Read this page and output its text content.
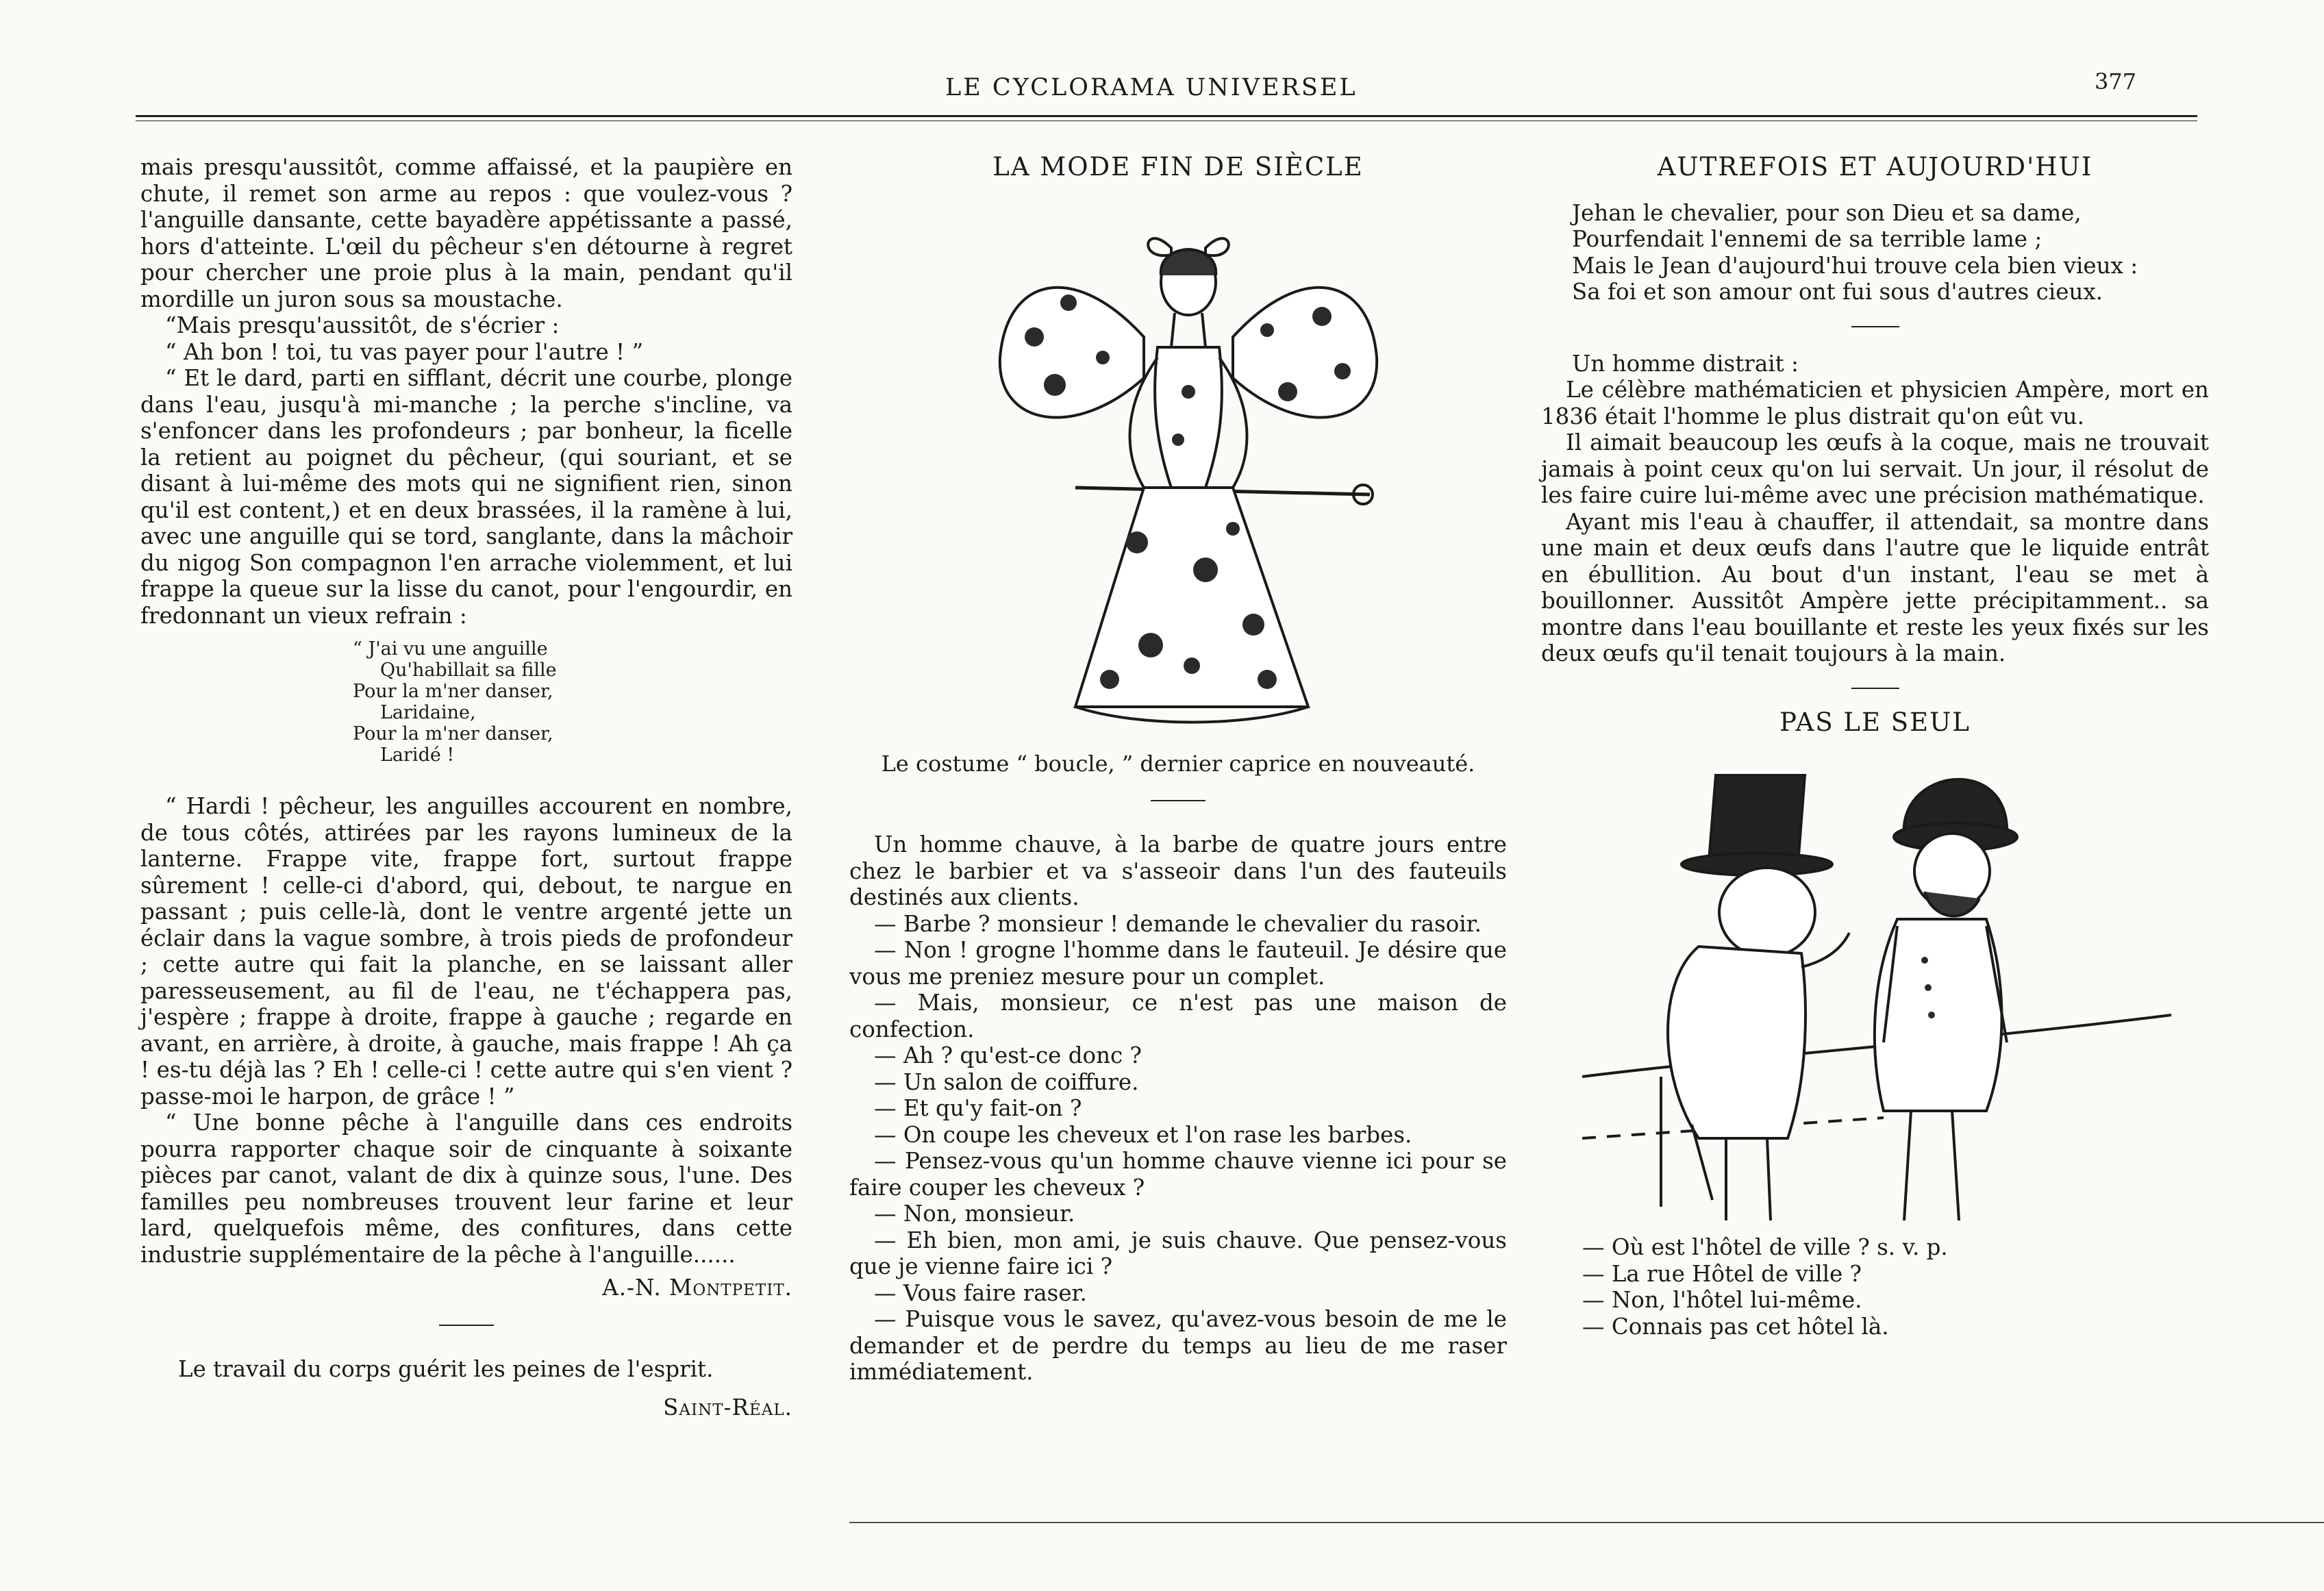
LE CYCLORAMA UNIVERSEL	377

mais presqu'aussitôt, comme affaissé, et la paupière en chute, il remet son arme au repos : que voulez-vous ? l'anguille dansante, cette bayadère appétissante a passé, hors d'atteinte. L'œil du pêcheur s'en détourne à regret pour chercher une proie plus à la main, pendant qu'il mordille un juron sous sa moustache.

“Mais presqu'aussitôt, de s'écrier :

“ Ah bon ! toi, tu vas payer pour l'autre ! ”

“ Et le dard, parti en sifflant, décrit une courbe, plonge dans l'eau, jusqu'à mi-manche ; la perche s'incline, va s'enfoncer dans les profondeurs ; par bonheur, la ficelle la retient au poignet du pêcheur, (qui souriant, et se disant à lui-même des mots qui ne signifient rien, sinon qu'il est content,) et en deux brassées, il la ramène à lui, avec une anguille qui se tord, sanglante, dans la mâchoir du nigog Son compagnon l'en arrache violemment, et lui frappe la queue sur la lisse du canot, pour l'engourdir, en fredonnant un vieux refrain :

“ J'ai vu une anguille
Qu'habillait sa fille
Pour la m'ner danser,
Laridaine,
Pour la m'ner danser,
Laridé !

“ Hardi ! pêcheur, les anguilles accourent en nombre, de tous côtés, attirées par les rayons lumineux de la lanterne. Frappe vite, frappe fort, surtout frappe sûrement ! celle-ci d'abord, qui, debout, te nargue en passant ; puis celle-là, dont le ventre argenté jette un éclair dans la vague sombre, à trois pieds de profondeur ; cette autre qui fait la planche, en se laissant aller paresseusement, au fil de l'eau, ne t'échappera pas, j'espère ; frappe à droite, frappe à gauche ; regarde en avant, en arrière, à droite, à gauche, mais frappe ! Ah ça ! es-tu déjà las ? Eh ! celle-ci ! cette autre qui s'en vient ? passe-moi le harpon, de grâce ! ”

“ Une bonne pêche à l'anguille dans ces endroits pourra rapporter chaque soir de cinquante à soixante pièces par canot, valant de dix à quinze sous, l'une. Des familles peu nombreuses trouvent leur farine et leur lard, quelquefois même, des confitures, dans cette industrie supplémentaire de la pêche à l'anguille......

A.-N. Montpetit.
Le travail du corps guérit les peines de l'esprit.
Saint-Réal.
LA MODE FIN DE SIÈCLE
Le costume “ boucle, ” dernier caprice en nouveauté.

Un homme chauve, à la barbe de quatre jours entre chez le barbier et va s'asseoir dans l'un des fauteuils destinés aux clients.

— Barbe ? monsieur ! demande le chevalier du rasoir.

— Non ! grogne l'homme dans le fauteuil. Je désire que vous me preniez mesure pour un complet.

— Mais, monsieur, ce n'est pas une maison de confection.

— Ah ? qu'est-ce donc ?

— Un salon de coiffure.

— Et qu'y fait-on ?

— On coupe les cheveux et l'on rase les barbes.

— Pensez-vous qu'un homme chauve vienne ici pour se faire couper les cheveux ?

— Non, monsieur.

— Eh bien, mon ami, je suis chauve. Que pensez-vous que je vienne faire ici ?

— Vous faire raser.

— Puisque vous le savez, qu'avez-vous besoin de me le demander et de perdre du temps au lieu de me raser immédiatement.

AUTREFOIS ET AUJOURD'HUI
Jehan le chevalier, pour son Dieu et sa dame,
Pourfendait l'ennemi de sa terrible lame ;
Mais le Jean d'aujourd'hui trouve cela bien vieux :
Sa foi et son amour ont fui sous d'autres cieux.

Un homme distrait :

Le célèbre mathématicien et physicien Ampère, mort en 1836 était l'homme le plus distrait qu'on eût vu.

Il aimait beaucoup les œufs à la coque, mais ne trouvait jamais à point ceux qu'on lui servait. Un jour, il résolut de les faire cuire lui-même avec une précision mathématique.

Ayant mis l'eau à chauffer, il attendait, sa montre dans une main et deux œufs dans l'autre que le liquide entrât en ébullition. Au bout d'un instant, l'eau se met à bouillonner. Aussitôt Ampère jette précipitamment.. sa montre dans l'eau bouillante et reste les yeux fixés sur les deux œufs qu'il tenait toujours à la main.

PAS LE SEUL
— Où est l'hôtel de ville ? s. v. p.
— La rue Hôtel de ville ?
— Non, l'hôtel lui-même.
— Connais pas cet hôtel là.
